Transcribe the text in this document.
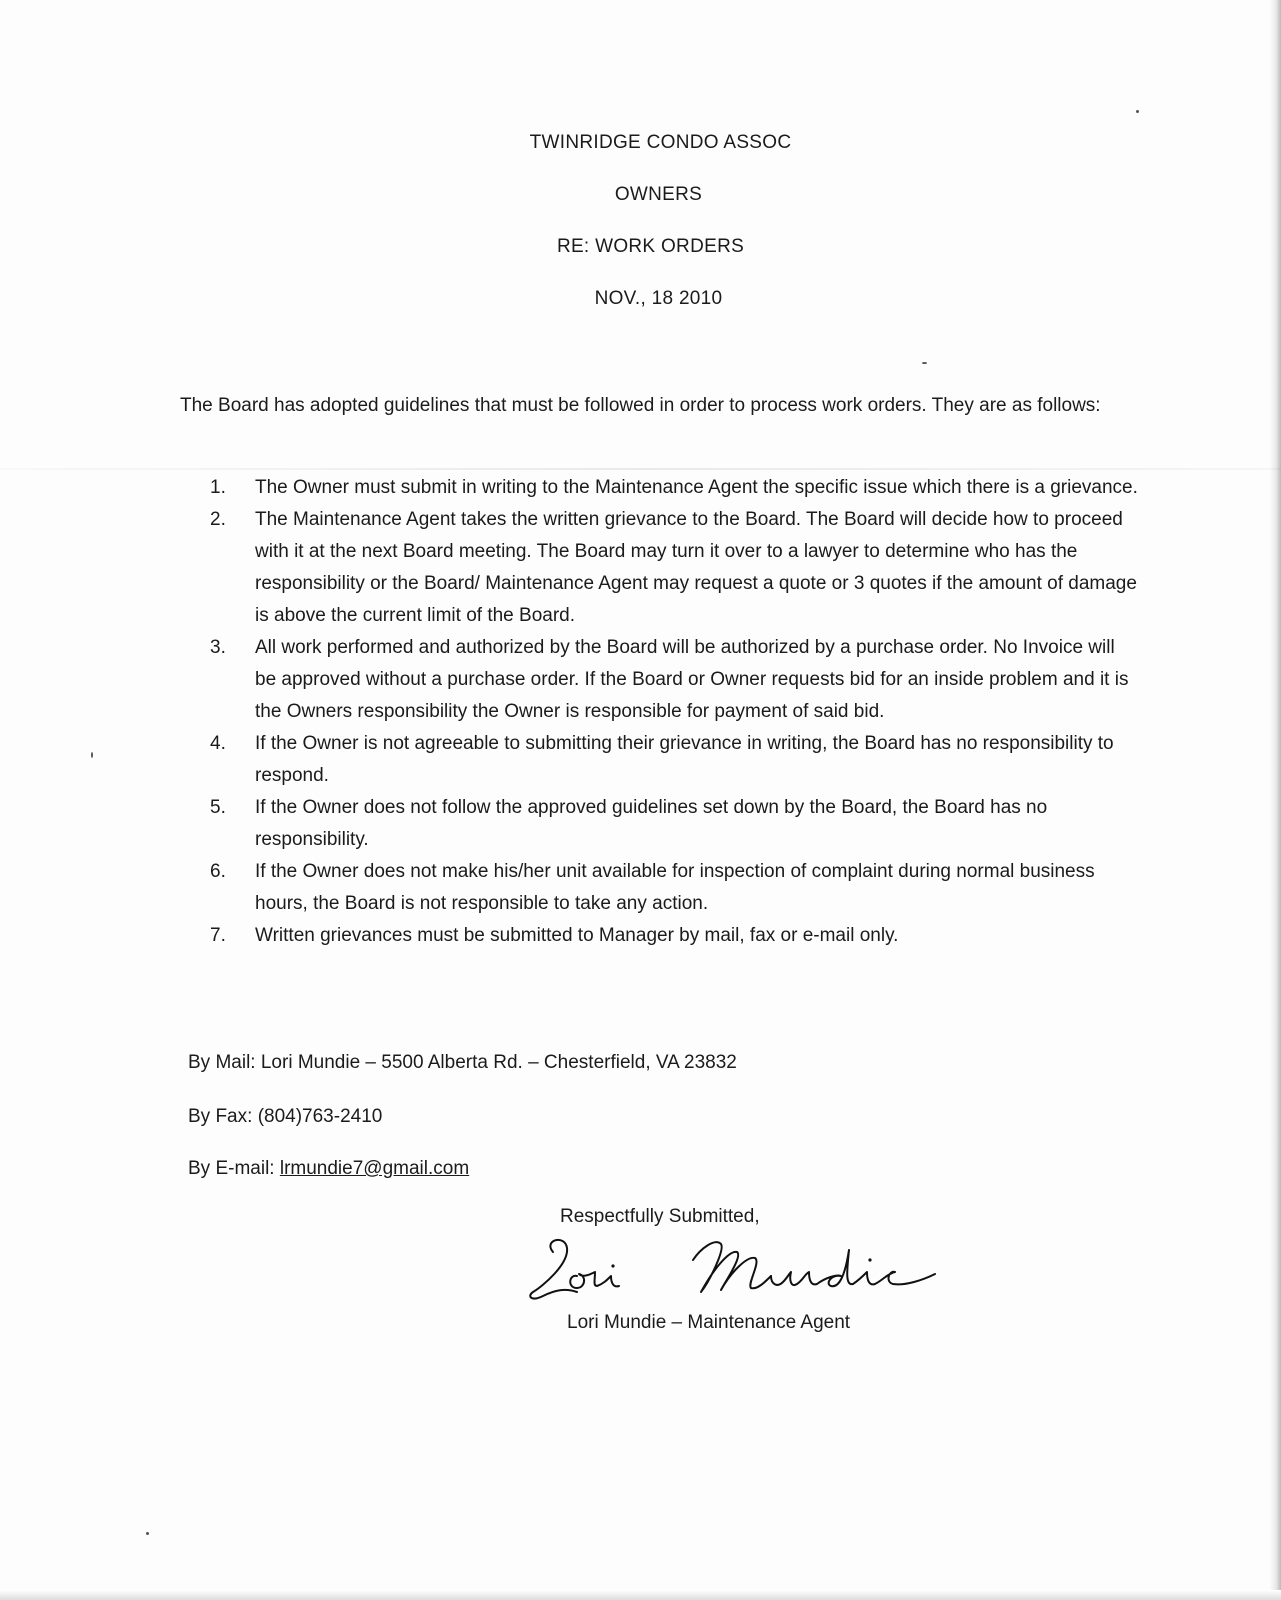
TWINRIDGE CONDO ASSOC
OWNERS
RE: WORK ORDERS
NOV., 18 2010
The Board has adopted guidelines that must be followed in order to process work orders. They are as follows:
1. The Owner must submit in writing to the Maintenance Agent the specific issue which there is a grievance.
2. The Maintenance Agent takes the written grievance to the Board. The Board will decide how to proceed with it at the next Board meeting. The Board may turn it over to a lawyer to determine who has the responsibility or the Board/ Maintenance Agent may request a quote or 3 quotes if the amount of damage is above the current limit of the Board.
3. All work performed and authorized by the Board will be authorized by a purchase order. No Invoice will be approved without a purchase order. If the Board or Owner requests bid for an inside problem and it is the Owners responsibility the Owner is responsible for payment of said bid.
4. If the Owner is not agreeable to submitting their grievance in writing, the Board has no responsibility to respond.
5. If the Owner does not follow the approved guidelines set down by the Board, the Board has no responsibility.
6. If the Owner does not make his/her unit available for inspection of complaint during normal business hours, the Board is not responsible to take any action.
7. Written grievances must be submitted to Manager by mail, fax or e-mail only.
By Mail: Lori Mundie – 5500 Alberta Rd. – Chesterfield, VA 23832
By Fax: (804)763-2410
By E-mail: lrmundie7@gmail.com
Respectfully Submitted,
Lori Mundie – Maintenance Agent
